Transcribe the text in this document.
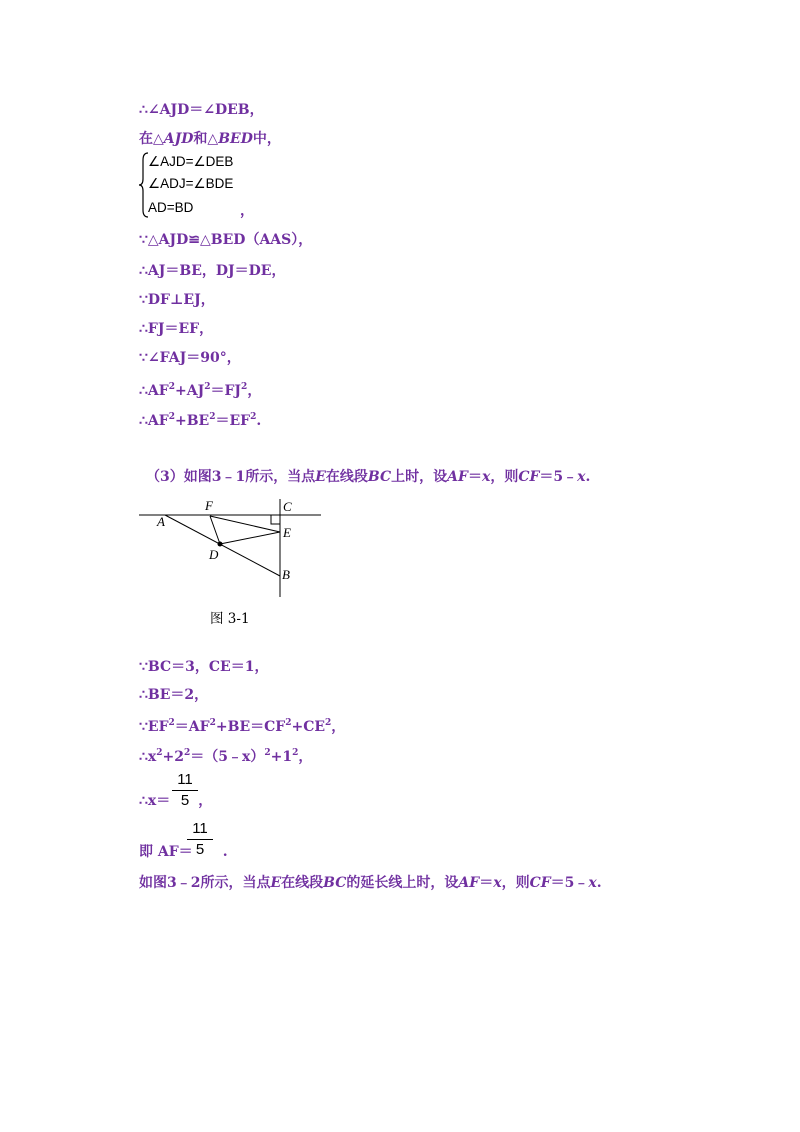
∴∠AJD＝∠DEB，
在△AJD和△BED中，
∠AJD=∠DEB
∠ADJ=∠BDE
AD=BD	，
∵△AJD≌△BED（AAS），
∴AJ＝BE，DJ＝DE，
∵DF⊥EJ，
∴FJ＝EF，
∵∠FAJ＝90°，
$\therefore AF^2+AJ^2=FJ^2$，
$\therefore AF^2+BE^2=EF^2$.
（3）如图3﹣1所示，当点E在线段BC上时，设AF＝x，则CF＝5﹣x.
A
F	C
E
D
B
图 3-1
∵BC＝3，CE＝1，
∴BE＝2，
$\because EF^2=AF^2+BE=CF^2+CE^2$，
$\therefore x^2+2^2=(5﹣x)^2+1^2$，
11
5
∴x＝ ，
11
5
即 AF＝ .
如图3﹣2所示，当点E在线段BC的延长线上时，设AF＝x，则CF＝5﹣x.
